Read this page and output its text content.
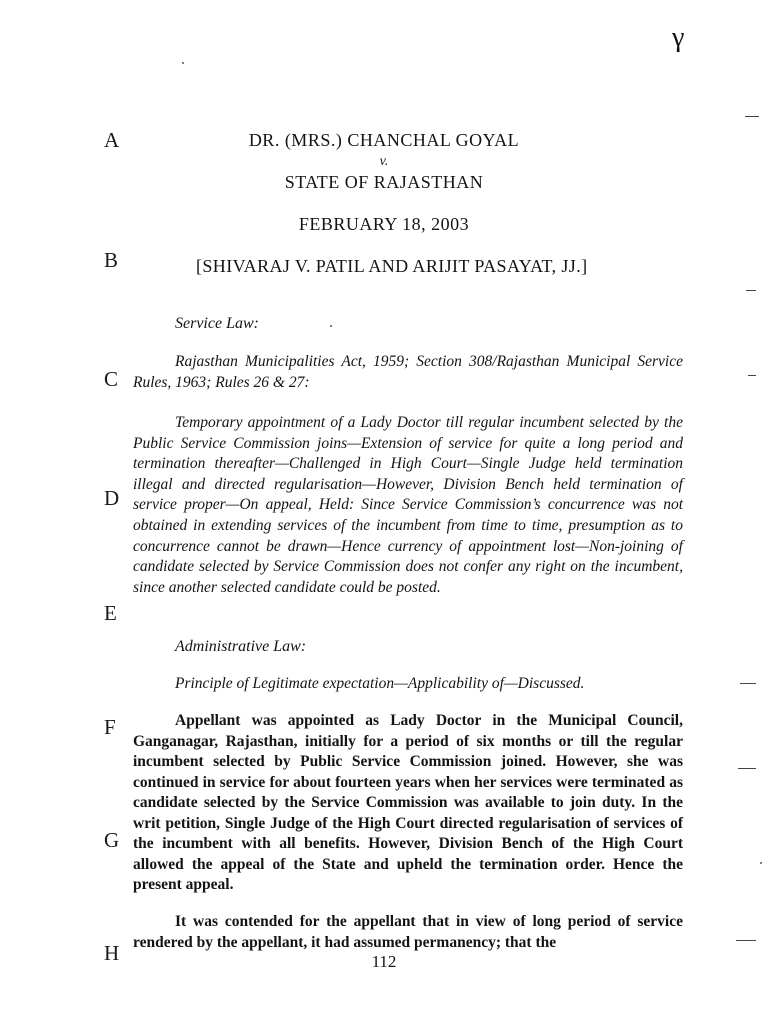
γ
A
B
C
D
E
F
G
H
DR. (MRS.) CHANCHAL GOYAL
v.
STATE OF RAJASTHAN
FEBRUARY 18, 2003
[SHIVARAJ V. PATIL AND ARIJIT PASAYAT, JJ.]
Service Law:
Rajasthan Municipalities Act, 1959; Section 308/Rajasthan Municipal Service Rules, 1963; Rules 26 & 27:
Temporary appointment of a Lady Doctor till regular incumbent selected by the Public Service Commission joins—Extension of service for quite a long period and termination thereafter—Challenged in High Court—Single Judge held termination illegal and directed regularisation—However, Division Bench held termination of service proper—On appeal, Held: Since Service Commission’s concurrence was not obtained in extending services of the incumbent from time to time, presumption as to concurrence cannot be drawn—Hence currency of appointment lost—Non-joining of candidate selected by Service Commission does not confer any right on the incumbent, since another selected candidate could be posted.
Administrative Law:
Principle of Legitimate expectation—Applicability of—Discussed.
Appellant was appointed as Lady Doctor in the Municipal Council, Ganganagar, Rajasthan, initially for a period of six months or till the regular incumbent selected by Public Service Commission joined. However, she was continued in service for about fourteen years when her services were terminated as candidate selected by the Service Commission was available to join duty. In the writ petition, Single Judge of the High Court directed regularisation of services of the incumbent with all benefits. However, Division Bench of the High Court allowed the appeal of the State and upheld the termination order. Hence the present appeal.
It was contended for the appellant that in view of long period of service rendered by the appellant, it had assumed permanency; that the
112
